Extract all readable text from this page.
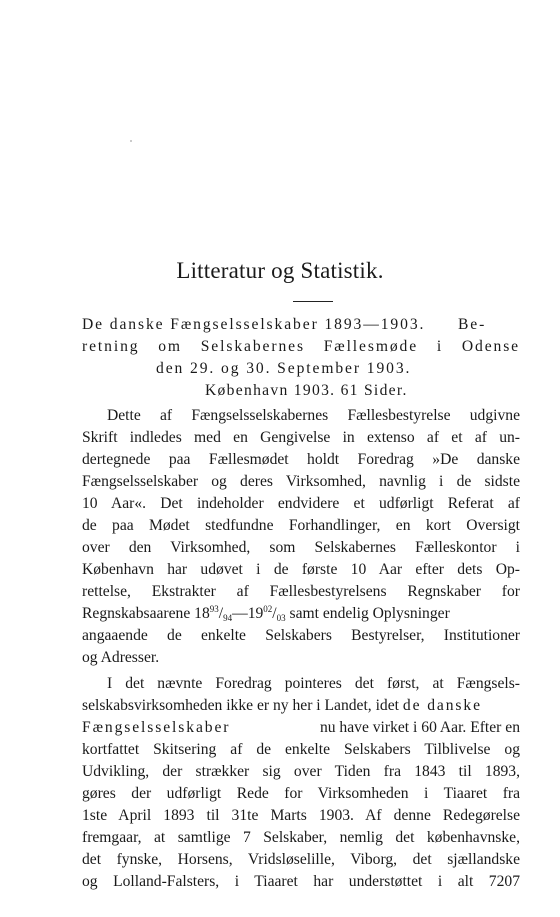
Litteratur og Statistik.
De danske Fængselsselskaber 1893—1903.	Be-
retning om Selskabernes Fællesmøde i Odense
den 29. og 30. September 1903.
København 1903. 61 Sider.
Dette af Fængselsselskabernes Fællesbestyrelse udgivne
Skrift indledes med en Gengivelse in extenso af et af un-
dertegnede paa Fællesmødet holdt Foredrag »De danske
Fængselsselskaber og deres Virksomhed, navnlig i de sidste
10 Aar«. Det indeholder endvidere et udførligt Referat af
de paa Mødet stedfundne Forhandlinger, en kort Oversigt
over den Virksomhed, som Selskabernes Fælleskontor i
København har udøvet i de første 10 Aar efter dets Op-
rettelse, Ekstrakter af Fællesbestyrelsens Regnskaber for
Regnskabsaarene $18^{93}/_{94}—19^{02}/_{03}$ samt endelig Oplysninger
angaaende de enkelte Selskabers Bestyrelser, Institutioner
og Adresser.
I det nævnte Foredrag pointeres det først, at Fængsels-
selskabsvirksomheden ikke er ny her i Landet, idet de danske
Fængselsselskaber	nu have virket i 60 Aar. Efter en
kortfattet Skitsering af de enkelte Selskabers Tilblivelse og
Udvikling, der strækker sig over Tiden fra 1843 til 1893,
gøres der udførligt Rede for Virksomheden i Tiaaret fra
1ste April 1893 til 31te Marts 1903. Af denne Redegørelse
fremgaar, at samtlige 7 Selskaber, nemlig det københavnske,
det fynske, Horsens, Vridsløselille, Viborg, det sjællandske
og Lolland-Falsters, i Tiaaret har understøttet i alt 7207
